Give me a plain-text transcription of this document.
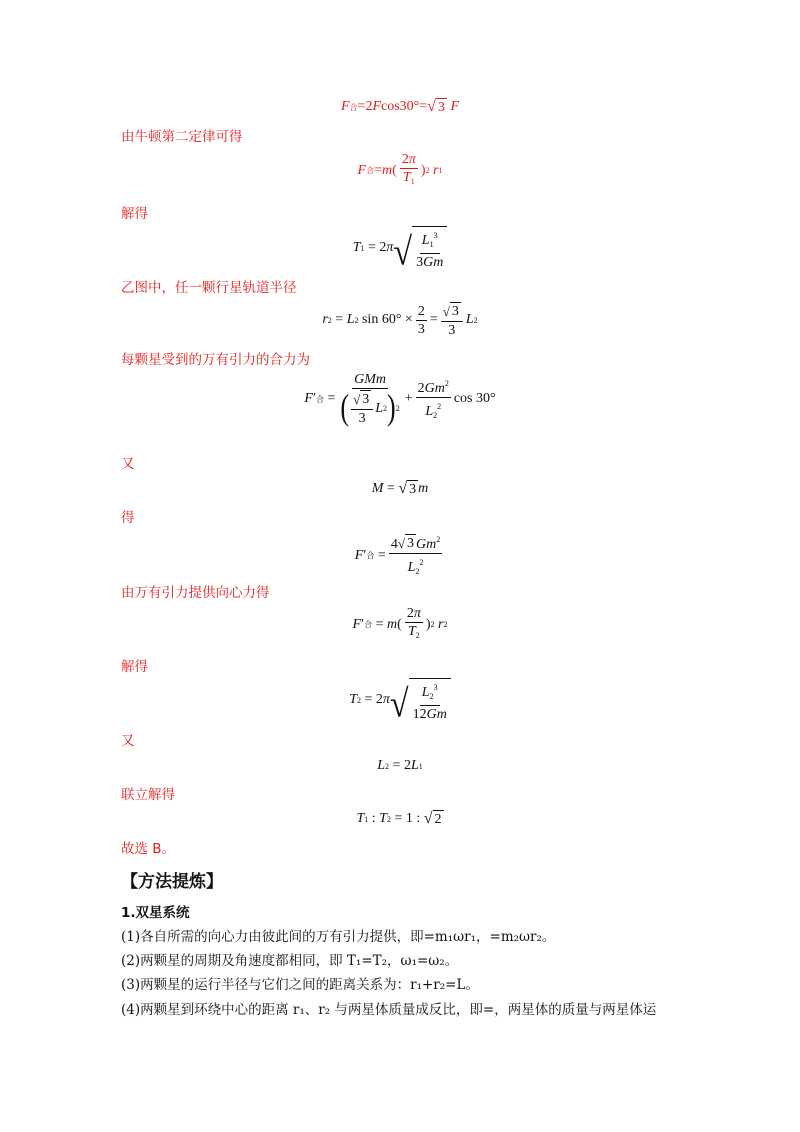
F 合 =2 F cos30°= √ 3
F
由牛顿第二定律可得
F 合 = m ( $\frac{2\pi}{T_1}$ ) 2
r 1
解得
T 1 = 2 π √ $\frac{L_1^3}{3Gm}$
乙图中，任一颗行星轨道半径
r 2 = L 2 $\sin 60^\circ \times \frac{2}{3} = \frac{√ 3}{3}$ L 2
每颗星受到的万有引力的合力为
F ′ 合 = $\frac{\text{GMm}}{( \frac{√ 3}{3} L 2 ) 2} + \frac{2Gm^2}{L_2^2}$ cos 30°
又
M = √ 3 m
得
F ′ 合 = $\frac{4 √ 3 Gm^2}{L_2^2}$
由万有引力提供向心力得
F ′ 合 = m ( $\frac{2\pi}{T_2}$ ) 2
r 2
解得
T 2 = 2 π √ $\frac{L_2^3}{12Gm}$
又
L 2 = 2 L 1
联立解得
T 1 : T 2 = 1 : √ 2
故选 B。
【方法提炼】
1.双星系统
(1)各自所需的向心力由彼此间的万有引力提供，即=m₁ωr₁，=m₂ωr₂。
(2)两颗星的周期及角速度都相同，即 T₁=T₂，ω₁=ω₂。
(3)两颗星的运行半径与它们之间的距离关系为：r₁+r₂=L。
(4)两颗星到环绕中心的距离 r₁、r₂ 与两星体质量成反比，即=，两星体的质量与两星体运
